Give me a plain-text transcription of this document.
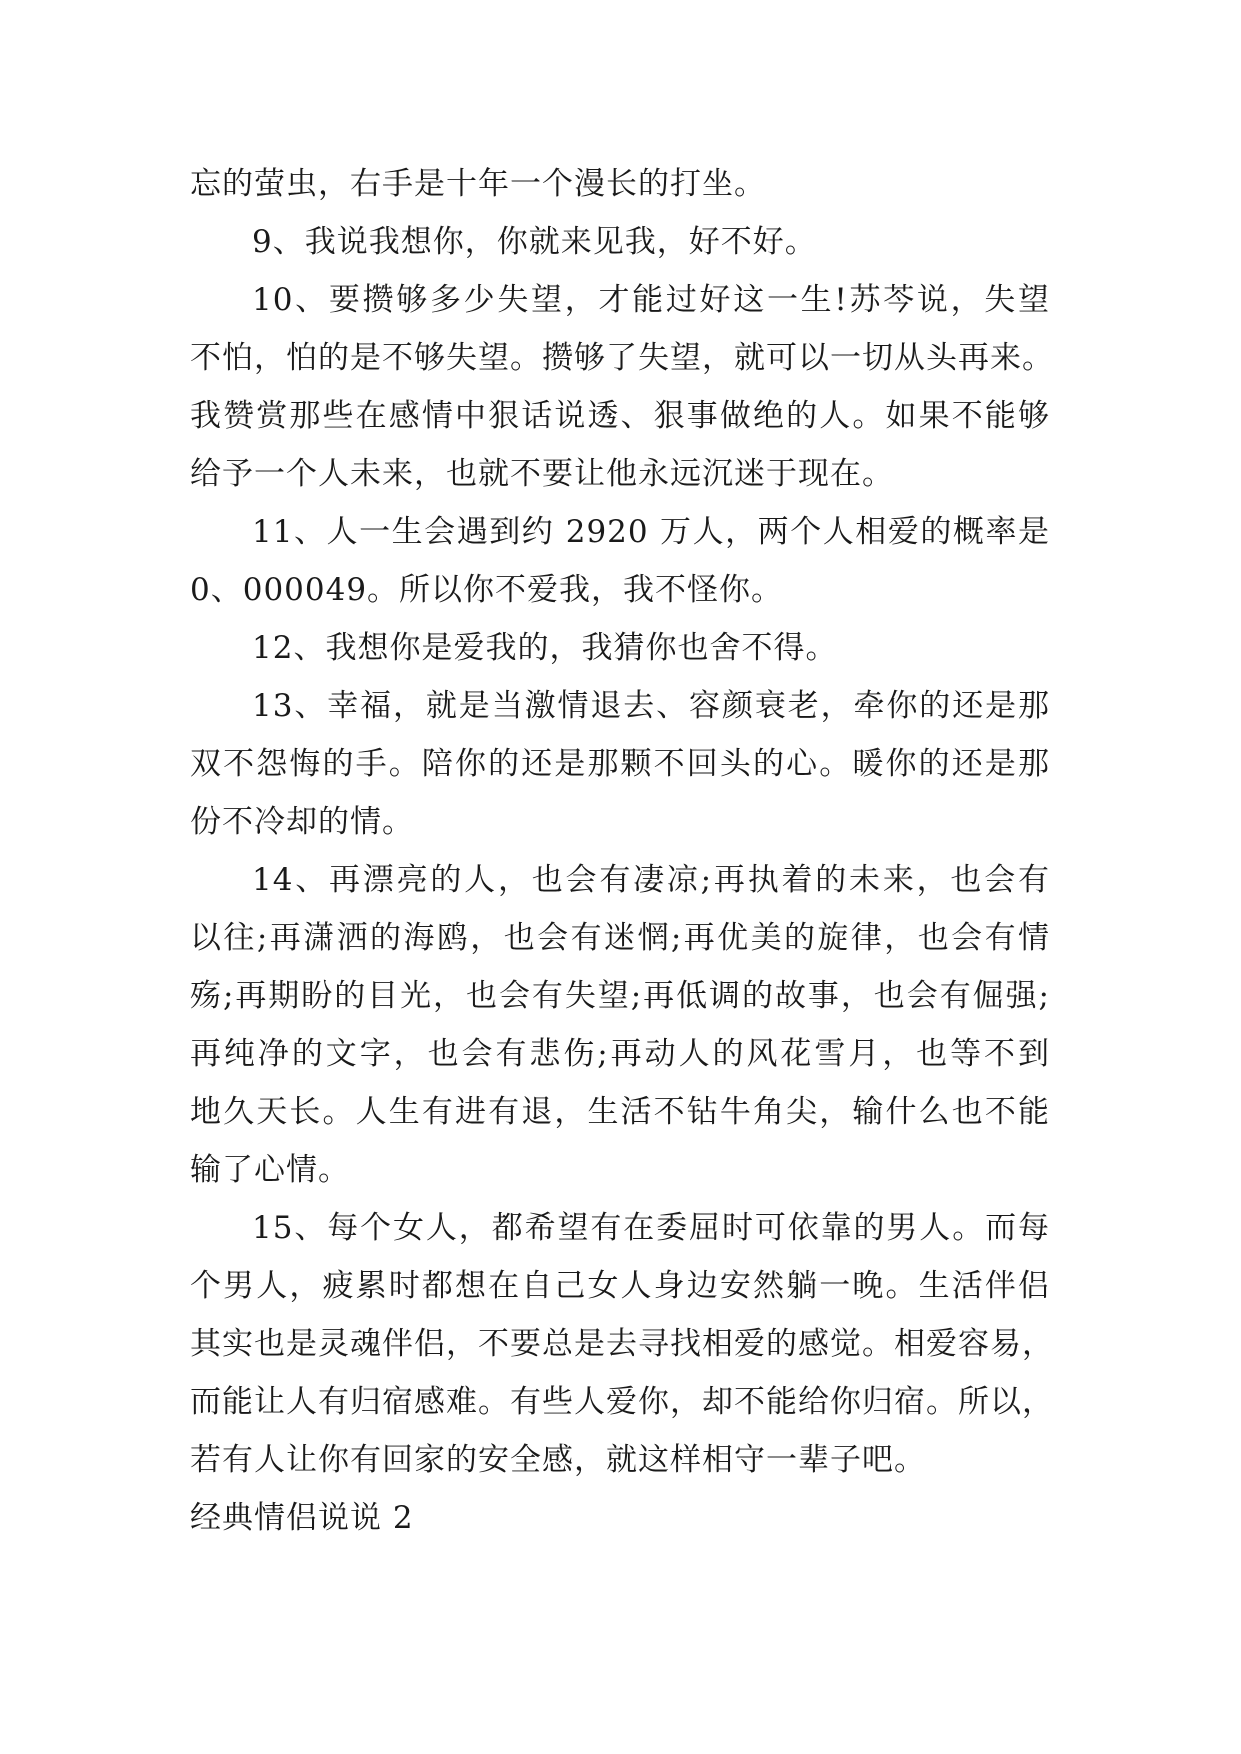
忘的萤虫，右手是十年一个漫长的打坐。
9、我说我想你，你就来见我，好不好。
10、要攒够多少失望，才能过好这一生!苏芩说，失望
不怕，怕的是不够失望。攒够了失望，就可以一切从头再来。
我赞赏那些在感情中狠话说透、狠事做绝的人。如果不能够
给予一个人未来，也就不要让他永远沉迷于现在。
11、人一生会遇到约 2920 万人，两个人相爱的概率是
0、000049。所以你不爱我，我不怪你。
12、我想你是爱我的，我猜你也舍不得。
13、幸福，就是当激情退去、容颜衰老，牵你的还是那
双不怨悔的手。陪你的还是那颗不回头的心。暖你的还是那
份不冷却的情。
14、再漂亮的人，也会有凄凉;再执着的未来，也会有
以往;再潇洒的海鸥，也会有迷惘;再优美的旋律，也会有情
殇;再期盼的目光，也会有失望;再低调的故事，也会有倔强;
再纯净的文字，也会有悲伤;再动人的风花雪月，也等不到
地久天长。人生有进有退，生活不钻牛角尖，输什么也不能
输了心情。
15、每个女人，都希望有在委屈时可依靠的男人。而每
个男人，疲累时都想在自己女人身边安然躺一晚。生活伴侣
其实也是灵魂伴侣，不要总是去寻找相爱的感觉。相爱容易，
而能让人有归宿感难。有些人爱你，却不能给你归宿。所以，
若有人让你有回家的安全感，就这样相守一辈子吧。
经典情侣说说 2
